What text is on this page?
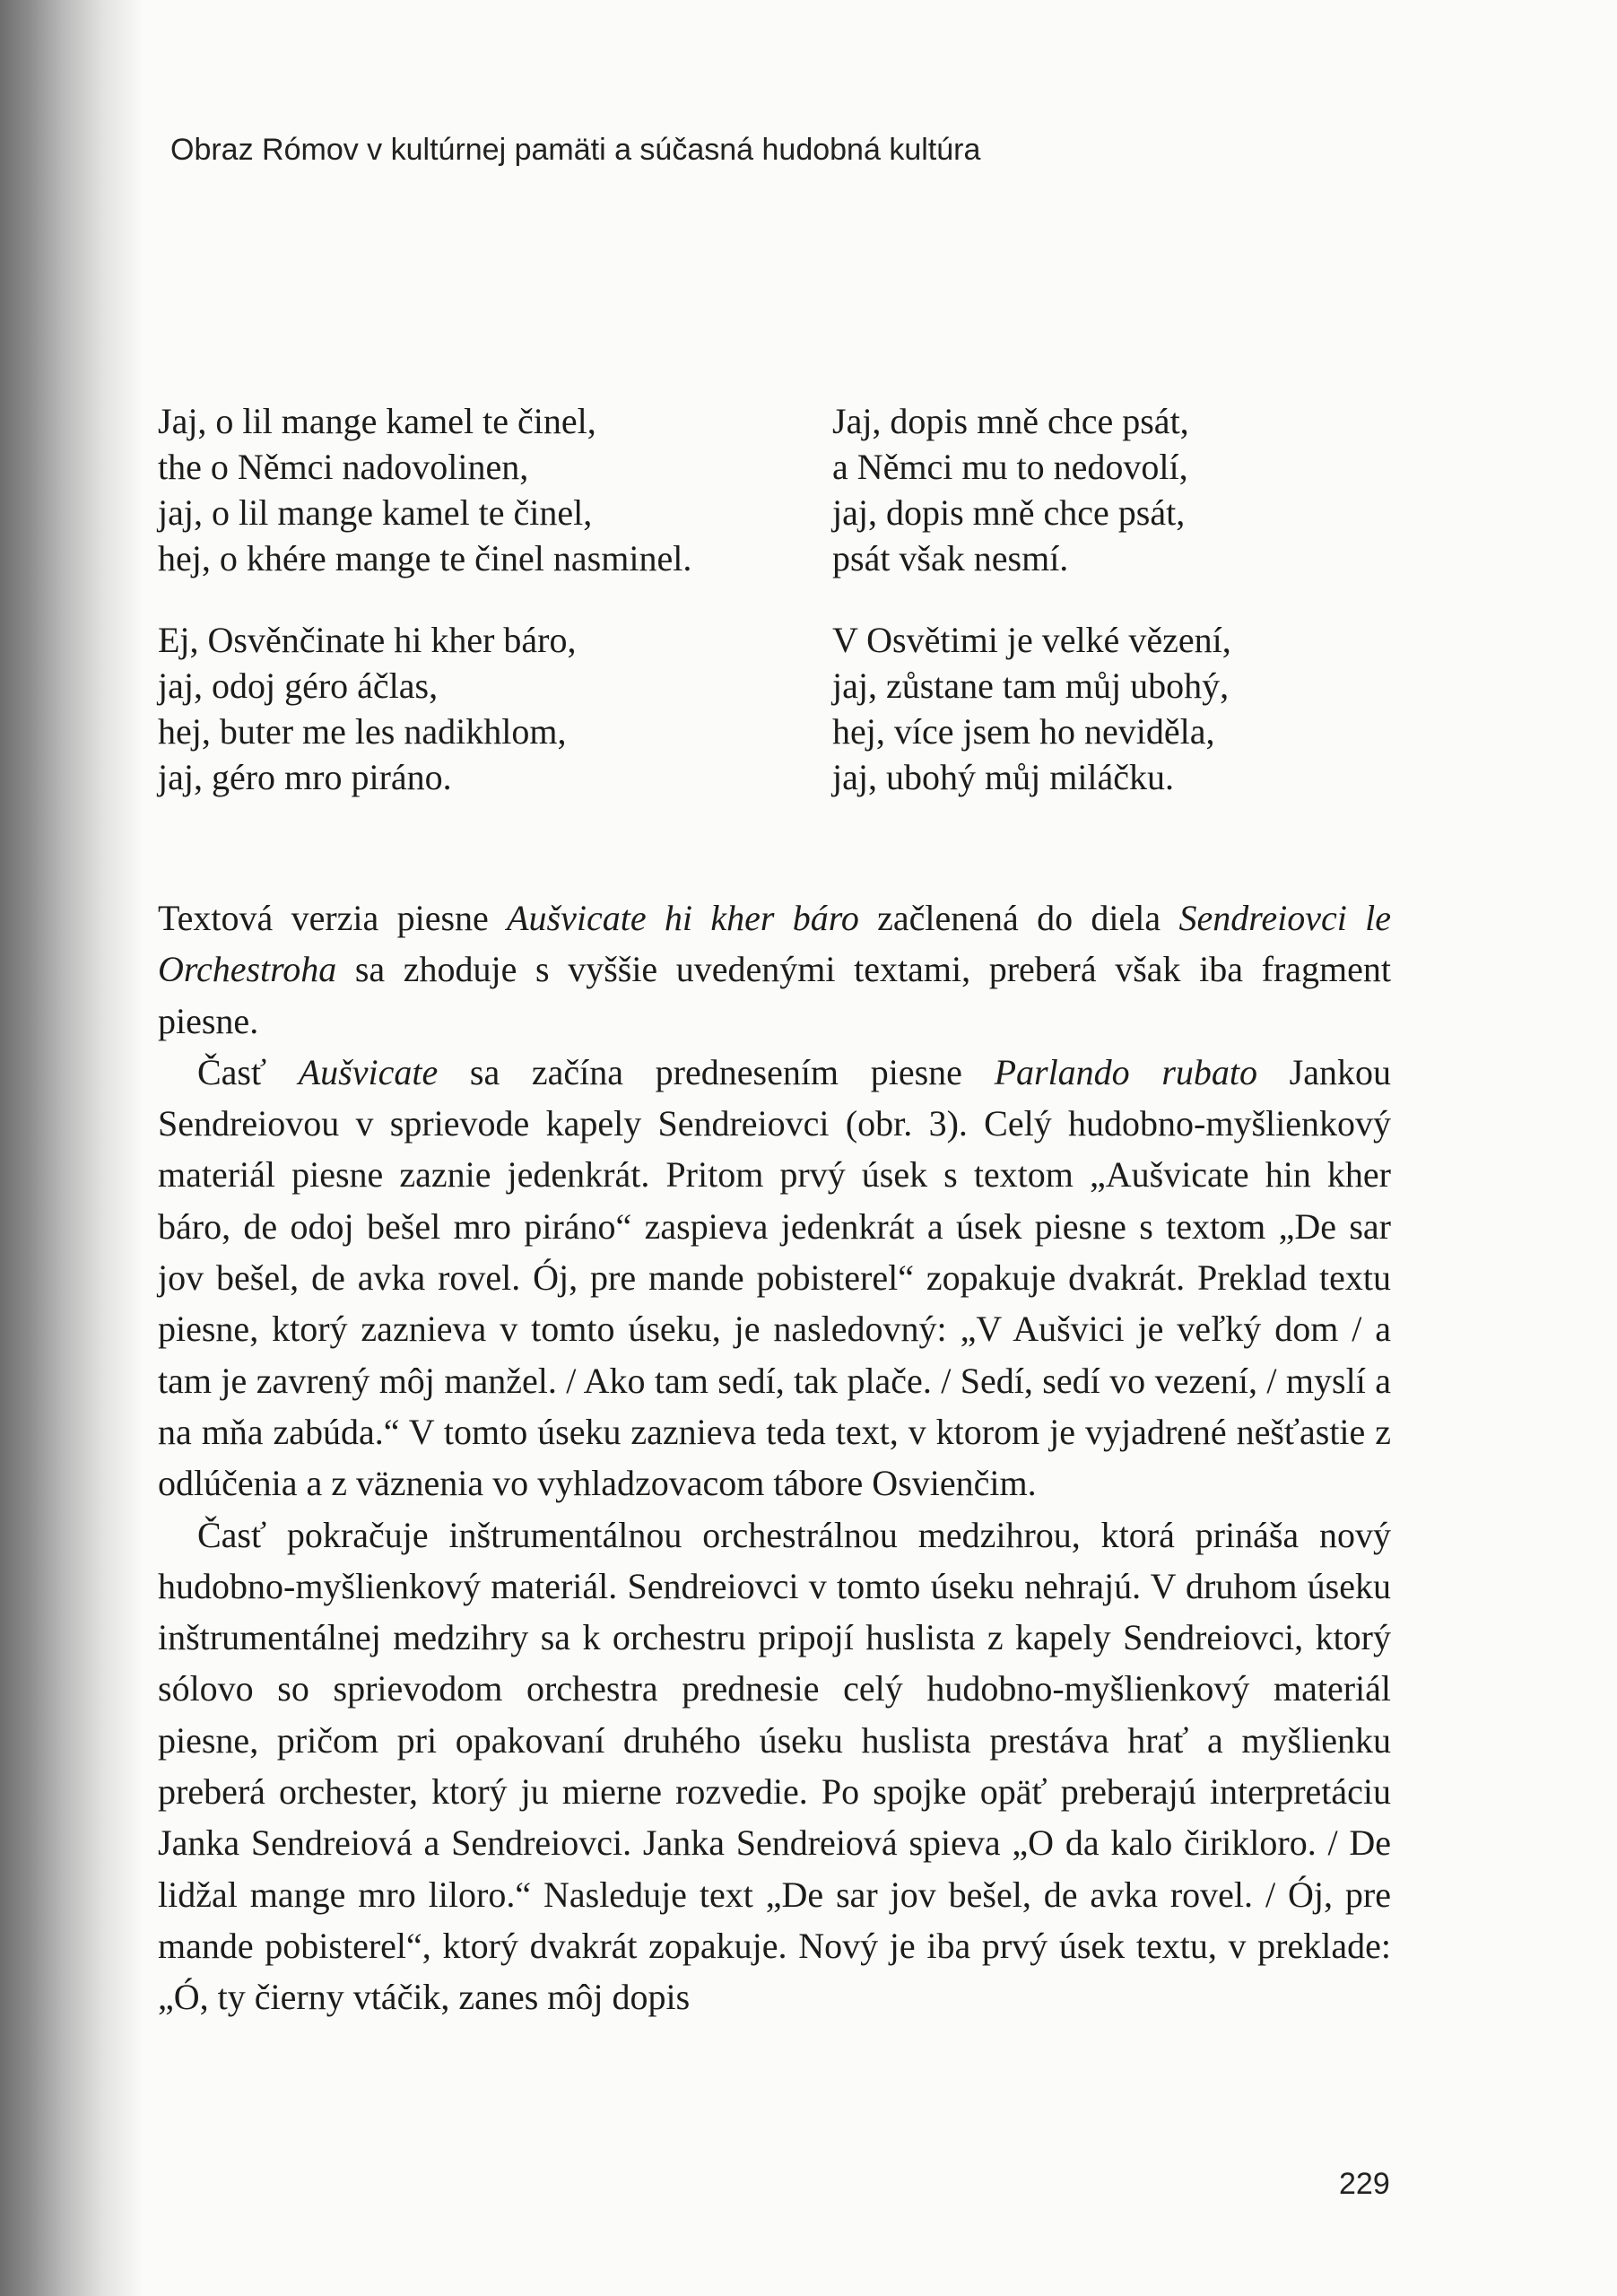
Obraz Rómov v kultúrnej pamäti a súčasná hudobná kultúra
Jaj, o lil mange kamel te činel,
the o Němci nadovolinen,
jaj, o lil mange kamel te činel,
hej, o khére mange te činel nasminel.
Ej, Osvěnčinate hi kher báro,
jaj, odoj géro áčlas,
hej, buter me les nadikhlom,
jaj, géro mro piráno.
Jaj, dopis mně chce psát,
a Němci mu to nedovolí,
jaj, dopis mně chce psát,
psát však nesmí.
V Osvětimi je velké vězení,
jaj, zůstane tam můj ubohý,
hej, více jsem ho neviděla,
jaj, ubohý můj miláčku.

Textová verzia piesne Aušvicate hi kher báro začlenená do diela Sendreiovci le Orchestroha sa zhoduje s vyššie uvedenými textami, preberá však iba fragment piesne.

Časť Aušvicate sa začína prednesením piesne Parlando rubato Jankou Sendreiovou v sprievode kapely Sendreiovci (obr. 3). Celý hudobno-myšlienkový materiál piesne zaznie jedenkrát. Pritom prvý úsek s textom „Aušvicate hin kher báro, de odoj bešel mro piráno“ zaspieva jedenkrát a úsek piesne s textom „De sar jov bešel, de avka rovel. Ój, pre mande pobisterel“ zopakuje dvakrát. Preklad textu piesne, ktorý zaznieva v tomto úseku, je nasledovný: „V Aušvici je veľký dom / a tam je zavrený môj manžel. / Ako tam sedí, tak plače. / Sedí, sedí vo vezení, / myslí a na mňa zabúda.“ V tomto úseku zaznieva teda text, v ktorom je vyjadrené nešťastie z odlúčenia a z väznenia vo vyhladzovacom tábore Osvienčim.

Časť pokračuje inštrumentálnou orchestrálnou medzihrou, ktorá prináša nový hudobno-myšlienkový materiál. Sendreiovci v tomto úseku nehrajú. V druhom úseku inštrumentálnej medzihry sa k orchestru pripojí huslista z kapely Sendreiovci, ktorý sólovo so sprievodom orchestra prednesie celý hudobno-myšlienkový materiál piesne, pričom pri opakovaní druhého úseku huslista prestáva hrať a myšlienku preberá orchester, ktorý ju mierne rozvedie. Po spojke opäť preberajú interpretáciu Janka Sendreiová a Sendreiovci. Janka Sendreiová spieva „O da kalo čirikloro. / De lidžal mange mro liloro.“ Nasleduje text „De sar jov bešel, de avka rovel. / Ój, pre mande pobisterel“, ktorý dvakrát zopakuje. Nový je iba prvý úsek textu, v preklade: „Ó, ty čierny vtáčik, zanes môj dopis

229
